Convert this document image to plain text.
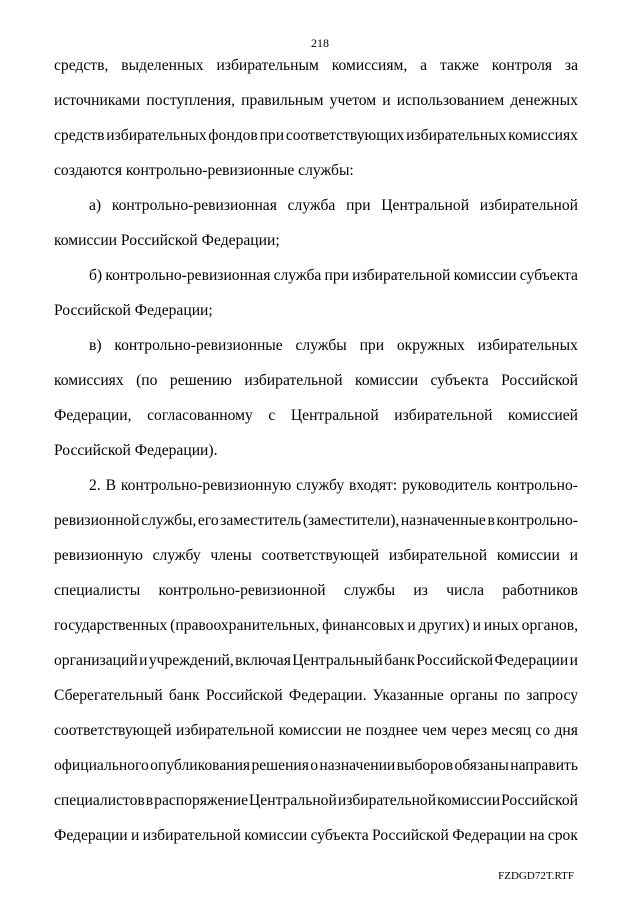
218
средств, выделенных избирательным комиссиям, а также контроля за
источниками поступления, правильным учетом и использованием денежных
средств избирательных фондов при соответствующих избирательных комиссиях
создаются контрольно-ревизионные службы:
а) контрольно-ревизионная служба при Центральной избирательной
комиссии Российской Федерации;
б) контрольно-ревизионная служба при избирательной комиссии субъекта
Российской Федерации;
в) контрольно-ревизионные службы при окружных избирательных
комиссиях (по решению избирательной комиссии субъекта Российской
Федерации, согласованному с Центральной избирательной комиссией
Российской Федерации).
2. В контрольно-ревизионную службу входят: руководитель контрольно-
ревизионной службы, его заместитель (заместители), назначенные в контрольно-
ревизионную службу члены соответствующей избирательной комиссии и
специалисты контрольно-ревизионной службы из числа работников
государственных (правоохранительных, финансовых и других) и иных органов,
организаций и учреждений, включая Центральный банк Российской Федерации и
Сберегательный банк Российской Федерации. Указанные органы по запросу
соответствующей избирательной комиссии не позднее чем через месяц со дня
официального опубликования решения о назначении выборов обязаны направить
специалистов в распоряжение Центральной избирательной комиссии Российской
Федерации и избирательной комиссии субъекта Российской Федерации на срок
FZDGD72T.RTF
